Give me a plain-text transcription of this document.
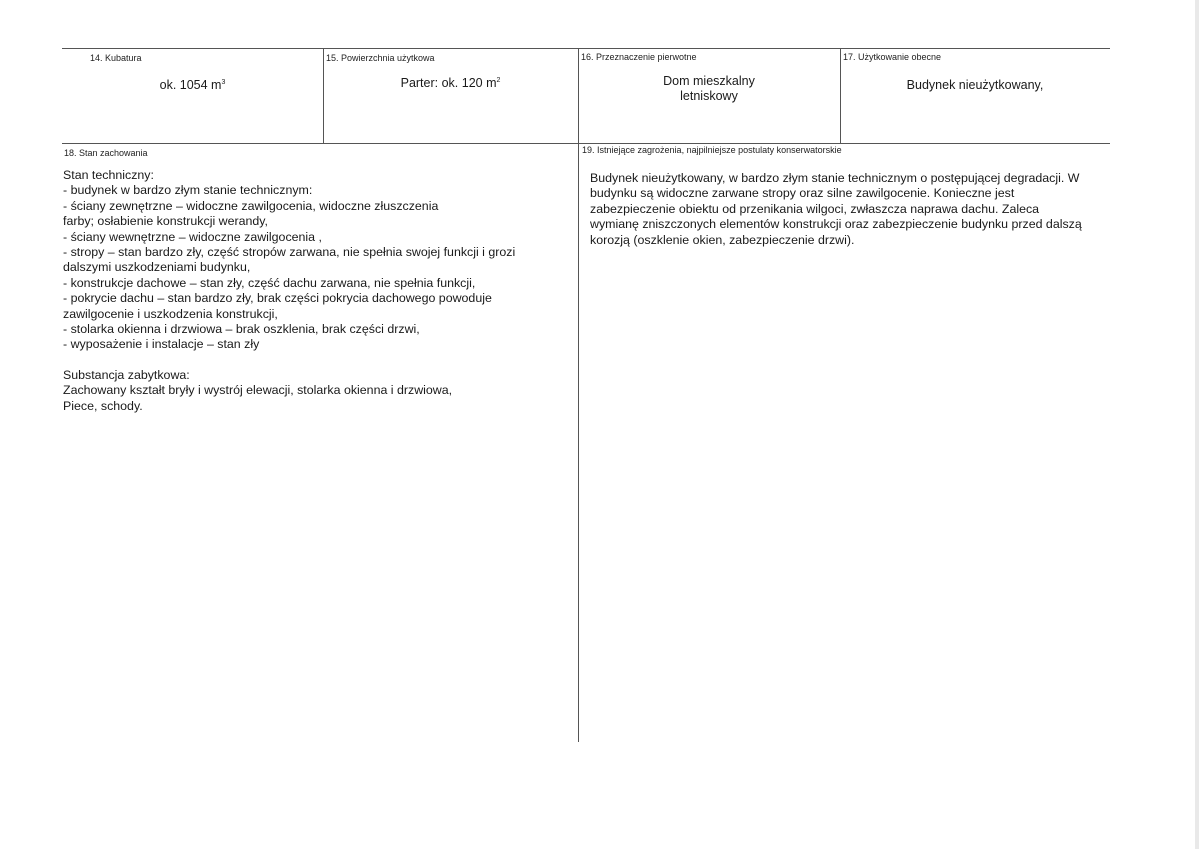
14. Kubatura
ok. 1054 $m^3$
15. Powierzchnia użytkowa
Parter: ok. 120 $m^2$
16. Przeznaczenie pierwotne
Dom mieszkalny
letniskowy
17. Użytkowanie obecne
Budynek nieużytkowany,
18. Stan zachowania

Stan techniczny:

- budynek w bardzo złym stanie technicznym:

- ściany zewnętrzne – widoczne zawilgocenia, widoczne złuszczenia

farby; osłabienie konstrukcji werandy,

- ściany wewnętrzne – widoczne zawilgocenia ,

- stropy – stan bardzo zły, część stropów zarwana, nie spełnia swojej funkcji i grozi

dalszymi uszkodzeniami budynku,

- konstrukcje dachowe – stan zły, część dachu zarwana, nie spełnia funkcji,

- pokrycie dachu – stan bardzo zły, brak części pokrycia dachowego powoduje

zawilgocenie i uszkodzenia konstrukcji,

- stolarka okienna i drzwiowa – brak oszklenia, brak części drzwi,

- wyposażenie i instalacje – stan zły

Substancja zabytkowa:

Zachowany kształt bryły i wystrój elewacji, stolarka okienna i drzwiowa,

Piece, schody.

19. Istniejące zagrożenia, najpilniejsze postulaty konserwatorskie

Budynek nieużytkowany, w bardzo złym stanie technicznym o postępującej degradacji. W

budynku są widoczne zarwane stropy oraz silne zawilgocenie. Konieczne jest

zabezpieczenie obiektu od przenikania wilgoci, zwłaszcza naprawa dachu. Zaleca

wymianę zniszczonych elementów konstrukcji oraz zabezpieczenie budynku przed dalszą

korozją (oszklenie okien, zabezpieczenie drzwi).
